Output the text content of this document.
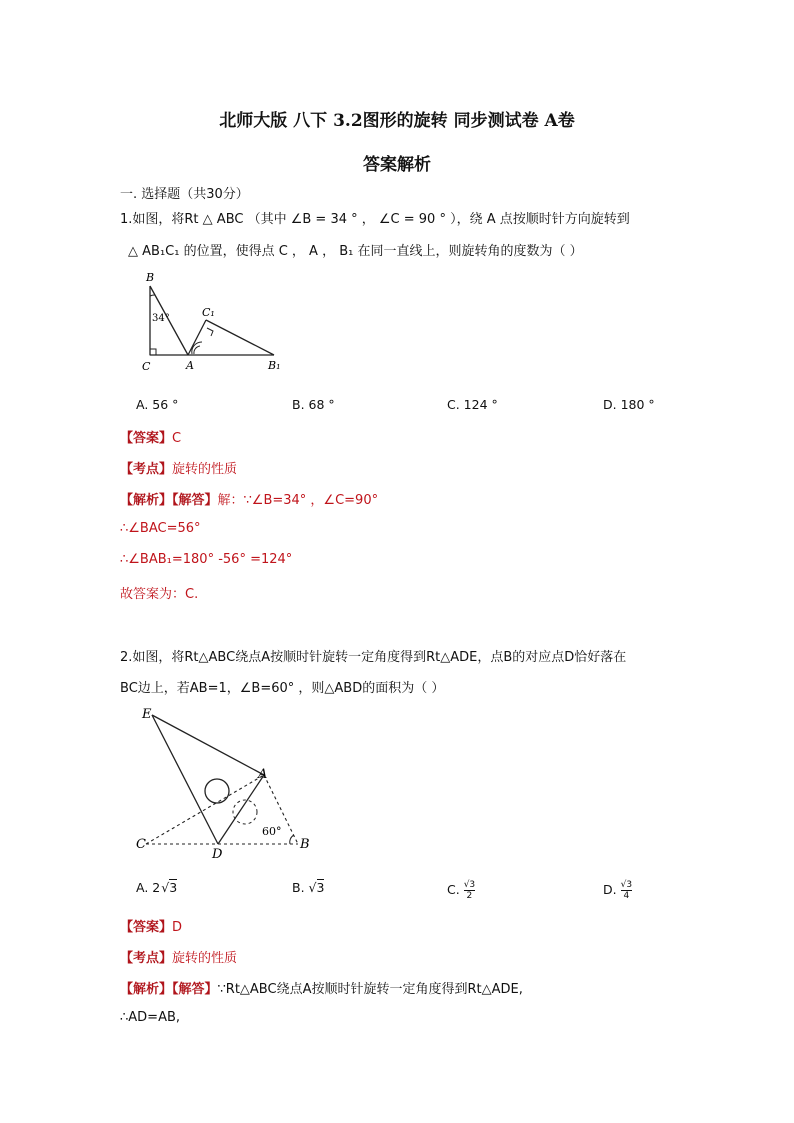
北师大版 八下 3.2图形的旋转 同步测试卷 A卷
答案解析
一. 选择题（共30分）
1.如图，将Rt △ ABC （其中 ∠B = 34 ° ， ∠C = 90 ° ），绕 A 点按顺时针方向旋转到
△ AB₁C₁ 的位置，使得点 C ， A ， B₁ 在同一直线上，则旋转角的度数为（ ）
B
34°	C₁
C	A	B₁
A. 56 °	B. 68 °	C. 124 °	D. 180 °
【答案】C
【考点】旋转的性质
【解析】【解答】解：∵∠B=34° ，∠C=90°
∴∠BAC=56°
∴∠BAB₁=180° -56° =124°
故答案为：C.
2.如图，将Rt△ABC绕点A按顺时针旋转一定角度得到Rt△ADE，点B的对应点D恰好落在
BC边上，若AB=1，∠B=60° ，则△ABD的面积为（ ）
E
A
60°
C
D
B
A. 2√3	B. √3	C. $\frac{√3}{2}$	D. $\frac{√3}{4}$
【答案】D
【考点】旋转的性质
【解析】【解答】∵Rt△ABC绕点A按顺时针旋转一定角度得到Rt△ADE,
∴AD=AB,
